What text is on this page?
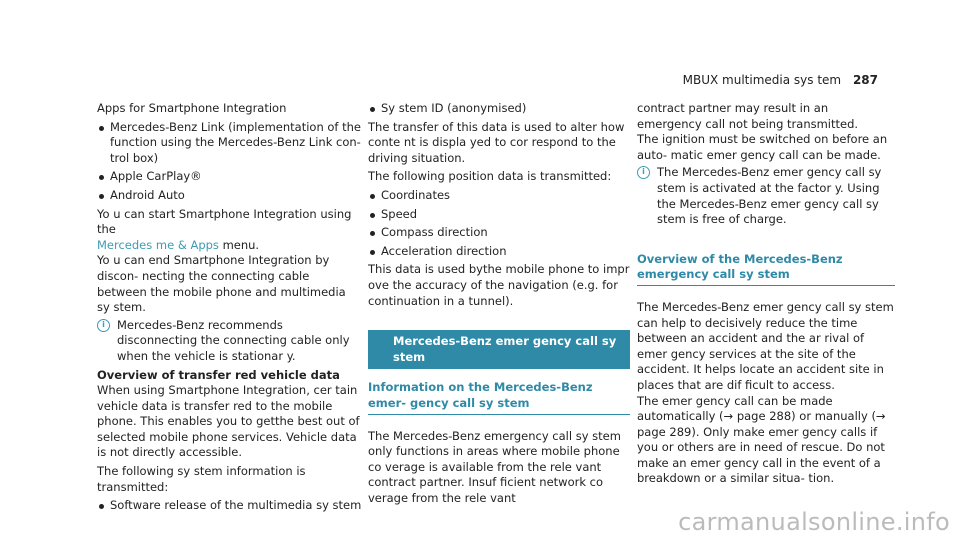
MBUX multimedia sys tem 287

Apps for Smartphone Integration

Mercedes-Benz Link (implementation of the function using the Mercedes-Benz Link con‐ trol box)
Apple CarPlay®
Android Auto

Yo u can start Smartphone Integration using the
Mercedes me & Apps menu.

Yo u can end Smartphone Integration by discon‐ necting the connecting cable between the mobile phone and multimedia sy stem.

i	Mercedes-Benz recommends disconnecting the connecting cable only when the vehicle is stationar y.

Overview of transfer red vehicle data

When using Smartphone Integration, cer tain vehicle data is transfer red to the mobile phone. This enables you to getthe best out of selected mobile phone services. Vehicle data is not directly accessible.

The following sy stem information is transmitted:

Software release of the multimedia sy stem
Sy stem ID (anonymised)

The transfer of this data is used to alter how conte nt is displa yed to cor respond to the driving situation.

The following position data is transmitted:

Coordinates
Speed
Compass direction
Acceleration direction

This data is used bythe mobile phone to impr ove the accuracy of the navigation (e.g. for continuation in a tunnel).

Mercedes-Benz emer gency call sy stem
Information on the Mercedes-Benz emer‐ gency call sy stem

The Mercedes-Benz emergency call sy stem only functions in areas where mobile phone co verage is available from the rele vant contract partner. Insuf ficient network co verage from the rele vant

contract partner may result in an emergency call not being transmitted.

The ignition must be switched on before an auto‐ matic emer gency call can be made.

i	The Mercedes-Benz emer gency call sy stem is activated at the factor y. Using the Mercedes-Benz emer gency call sy stem is free of charge.
Overview of the Mercedes-Benz emergency call sy stem

The Mercedes-Benz emer gency call sy stem can help to decisively reduce the time between an accident and the ar rival of emer gency services at the site of the accident. It helps locate an accident site in places that are dif ficult to access.

The emer gency call can be made automatically (→ page 288) or manually (→ page 289). Only make emer gency calls if you or others are in need of rescue. Do not make an emer gency call in the event of a breakdown or a similar situa‐ tion.

carmanualsonline.info
